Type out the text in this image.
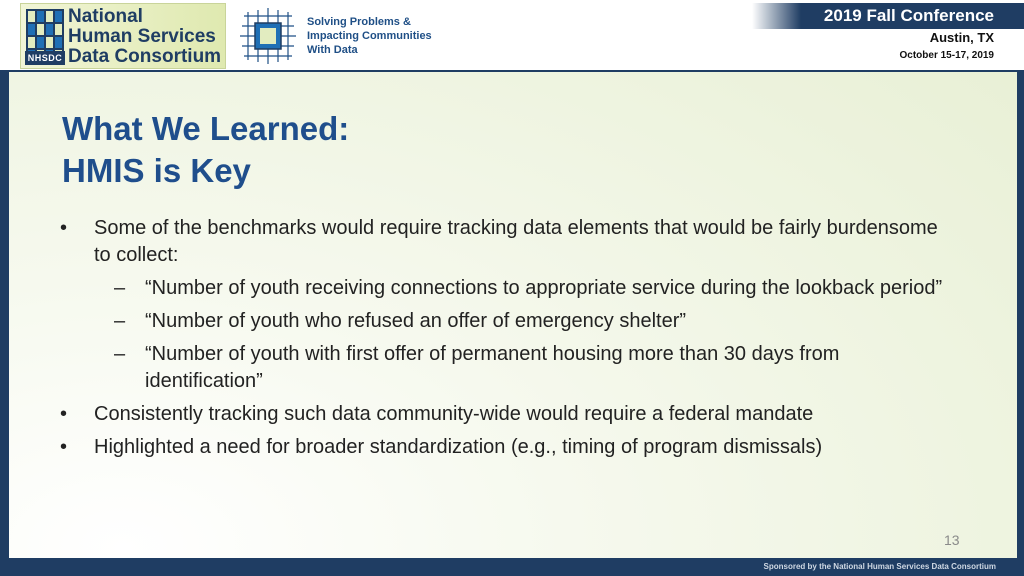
NHSDC
National
Human Services
Data Consortium
Solving Problems &
Impacting Communities
With Data
2019 Fall Conference
Austin, TX
October 15-17, 2019
What We Learned:
HMIS is Key
•	Some of the benchmarks would require tracking data elements that would be fairly burdensome to collect:
– “Number of youth receiving connections to appropriate service during the lookback period”
– “Number of youth who refused an offer of emergency shelter”
– “Number of youth with first offer of permanent housing more than 30 days from identification”
•	Consistently tracking such data community-wide would require a federal mandate
•	Highlighted a need for broader standardization (e.g., timing of program dismissals)
13
Sponsored by the National Human Services Data Consortium
